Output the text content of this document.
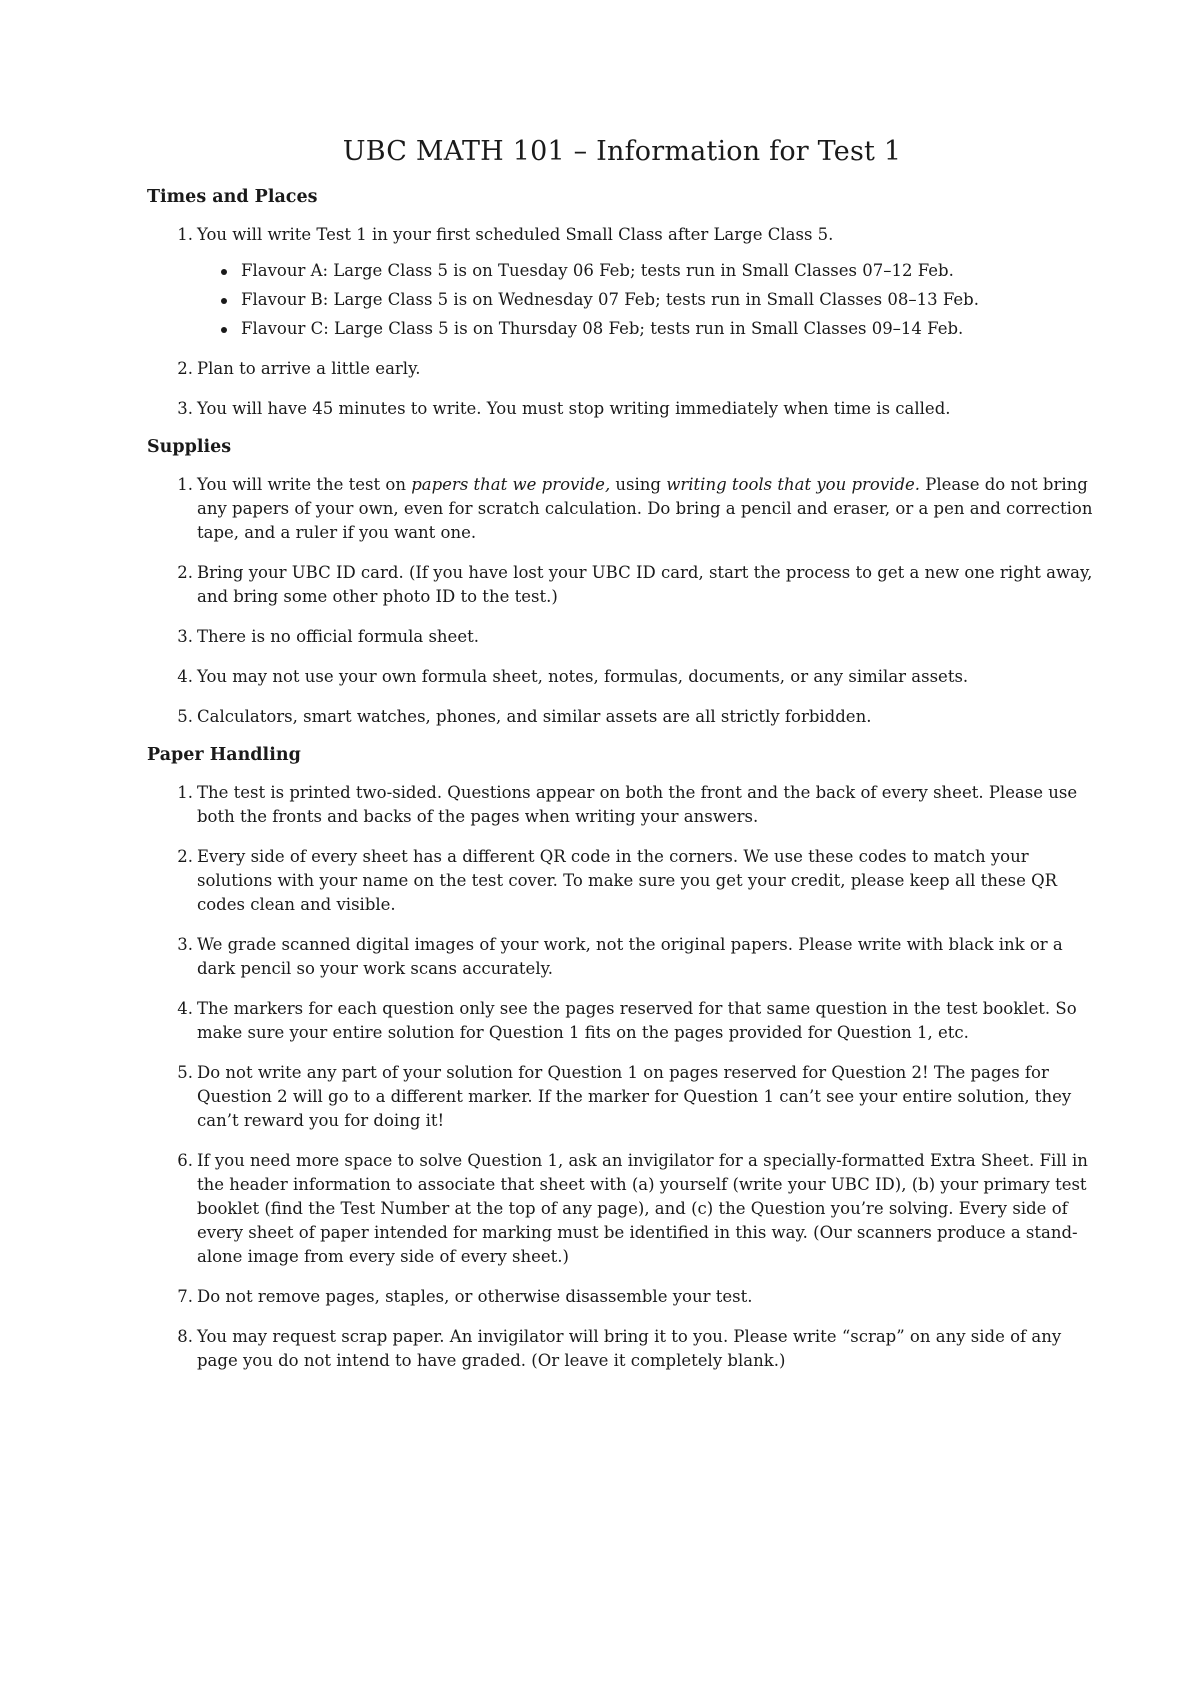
UBC MATH 101 – Information for Test 1
Times and Places
1. You will write Test 1 in your first scheduled Small Class after Large Class 5.
Flavour A: Large Class 5 is on Tuesday 06 Feb; tests run in Small Classes 07–12 Feb.
Flavour B: Large Class 5 is on Wednesday 07 Feb; tests run in Small Classes 08–13 Feb.
Flavour C: Large Class 5 is on Thursday 08 Feb; tests run in Small Classes 09–14 Feb.
2. Plan to arrive a little early.
3. You will have 45 minutes to write. You must stop writing immediately when time is called.
Supplies
1. You will write the test on papers that we provide, using writing tools that you provide. Please do not bring any papers of your own, even for scratch calculation. Do bring a pencil and eraser, or a pen and correction tape, and a ruler if you want one.
2. Bring your UBC ID card. (If you have lost your UBC ID card, start the process to get a new one right away, and bring some other photo ID to the test.)
3. There is no official formula sheet.
4. You may not use your own formula sheet, notes, formulas, documents, or any similar assets.
5. Calculators, smart watches, phones, and similar assets are all strictly forbidden.
Paper Handling
1. The test is printed two-sided. Questions appear on both the front and the back of every sheet. Please use both the fronts and backs of the pages when writing your answers.
2. Every side of every sheet has a different QR code in the corners. We use these codes to match your solutions with your name on the test cover. To make sure you get your credit, please keep all these QR codes clean and visible.
3. We grade scanned digital images of your work, not the original papers. Please write with black ink or a dark pencil so your work scans accurately.
4. The markers for each question only see the pages reserved for that same question in the test booklet. So make sure your entire solution for Question 1 fits on the pages provided for Question 1, etc.
5. Do not write any part of your solution for Question 1 on pages reserved for Question 2! The pages for Question 2 will go to a different marker. If the marker for Question 1 can’t see your entire solution, they can’t reward you for doing it!
6. If you need more space to solve Question 1, ask an invigilator for a specially-formatted Extra Sheet. Fill in the header information to associate that sheet with (a) yourself (write your UBC ID), (b) your primary test booklet (find the Test Number at the top of any page), and (c) the Question you’re solving. Every side of every sheet of paper intended for marking must be identified in this way. (Our scanners produce a stand-alone image from every side of every sheet.)
7. Do not remove pages, staples, or otherwise disassemble your test.
8. You may request scrap paper. An invigilator will bring it to you. Please write “scrap” on any side of any page you do not intend to have graded. (Or leave it completely blank.)
